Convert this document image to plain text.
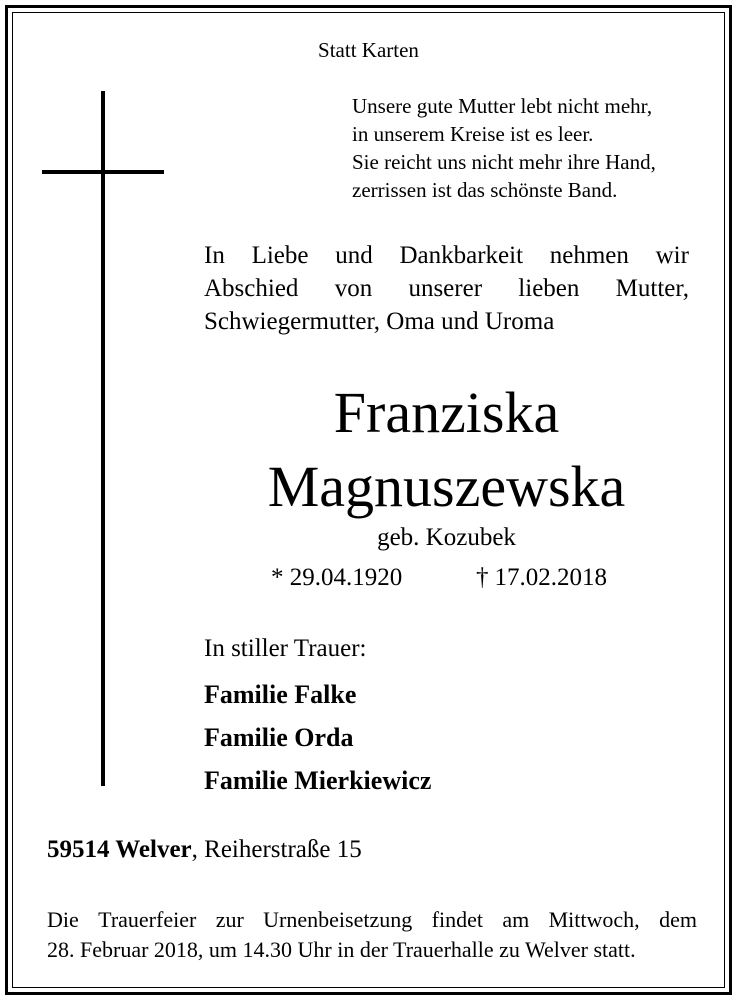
Statt Karten
Unsere gute Mutter lebt nicht mehr,
in unserem Kreise ist es leer.
Sie reicht uns nicht mehr ihre Hand,
zerrissen ist das schönste Band.
In Liebe und Dankbarkeit nehmen wir
Abschied von unserer lieben Mutter,
Schwiegermutter, Oma und Uroma
Franziska
Magnuszewska
geb. Kozubek
* 29.04.1920	† 17.02.2018
In stiller Trauer:
Familie Falke
Familie Orda
Familie Mierkiewicz
59514 Welver, Reiherstraße 15
Die Trauerfeier zur Urnenbeisetzung findet am Mittwoch, dem
28. Februar 2018, um 14.30 Uhr in der Trauerhalle zu Welver statt.
